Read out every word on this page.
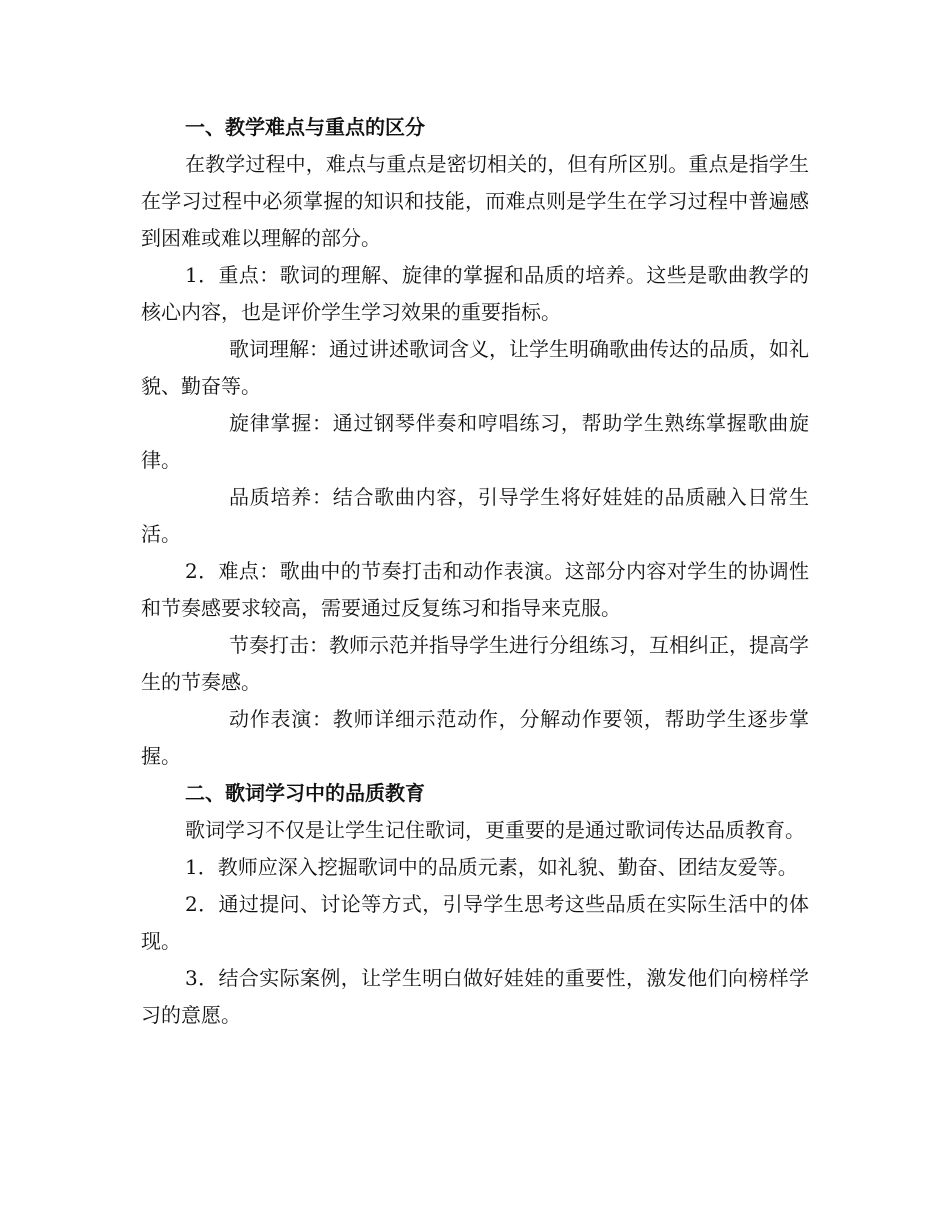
一、教学难点与重点的区分

在教学过程中，难点与重点是密切相关的，但有所区别。重点是指学生在学习过程中必须掌握的知识和技能，而难点则是学生在学习过程中普遍感到困难或难以理解的部分。

1．重点：歌词的理解、旋律的掌握和品质的培养。这些是歌曲教学的核心内容，也是评价学生学习效果的重要指标。

歌词理解：通过讲述歌词含义，让学生明确歌曲传达的品质，如礼貌、勤奋等。

旋律掌握：通过钢琴伴奏和哼唱练习，帮助学生熟练掌握歌曲旋律。

品质培养：结合歌曲内容，引导学生将好娃娃的品质融入日常生活。

2．难点：歌曲中的节奏打击和动作表演。这部分内容对学生的协调性和节奏感要求较高，需要通过反复练习和指导来克服。

节奏打击：教师示范并指导学生进行分组练习，互相纠正，提高学生的节奏感。

动作表演：教师详细示范动作，分解动作要领，帮助学生逐步掌握。

二、歌词学习中的品质教育

歌词学习不仅是让学生记住歌词，更重要的是通过歌词传达品质教育。

1．教师应深入挖掘歌词中的品质元素，如礼貌、勤奋、团结友爱等。

2．通过提问、讨论等方式，引导学生思考这些品质在实际生活中的体现。

3．结合实际案例，让学生明白做好娃娃的重要性，激发他们向榜样学习的意愿。
